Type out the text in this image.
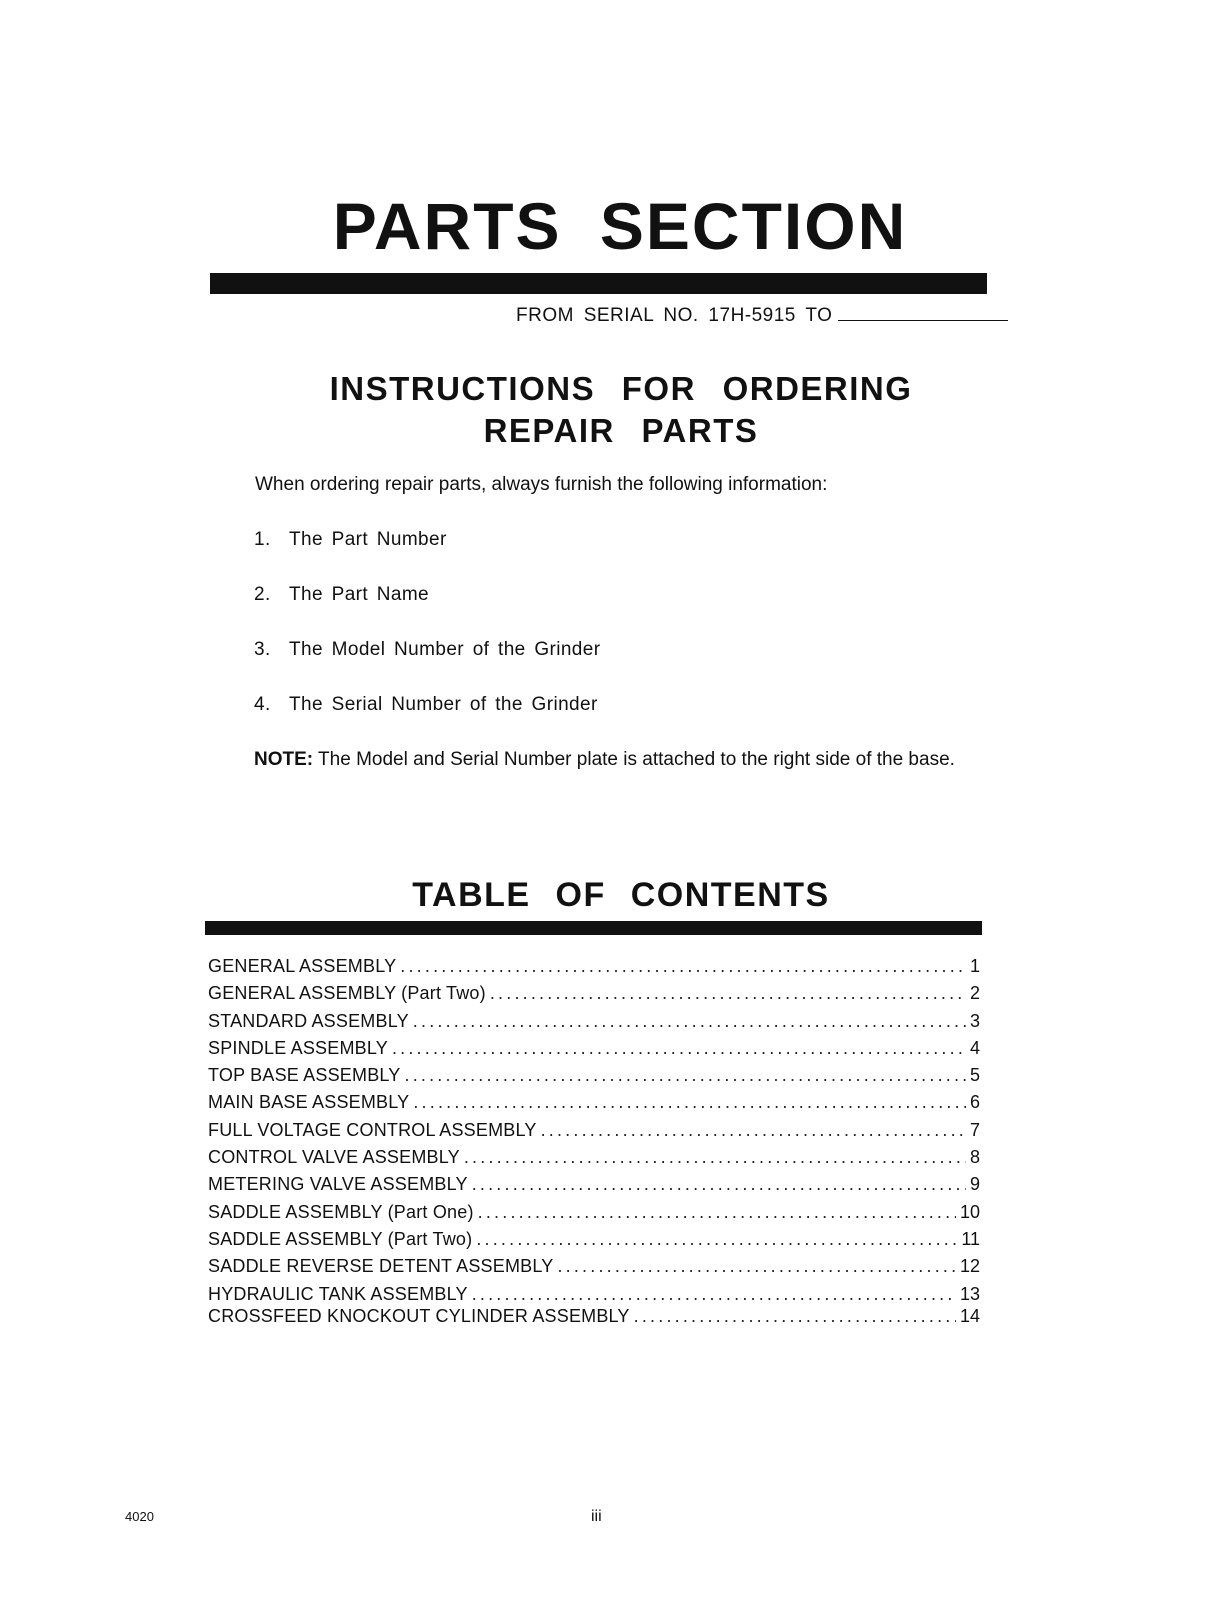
PARTS SECTION
FROM SERIAL NO. 17H-5915 TO
INSTRUCTIONS FOR ORDERING
REPAIR PARTS
When ordering repair parts, always furnish the following information:
1. The Part Number
2. The Part Name
3. The Model Number of the Grinder
4. The Serial Number of the Grinder
NOTE: The Model and Serial Number plate is attached to the right side of the base.
TABLE OF CONTENTS
GENERAL ASSEMBLY .....	1
GENERAL ASSEMBLY (Part Two) .....	2
STANDARD ASSEMBLY .....	3
SPINDLE ASSEMBLY .....	4
TOP BASE ASSEMBLY .....	5
MAIN BASE ASSEMBLY .....	6
FULL VOLTAGE CONTROL ASSEMBLY .....	7
CONTROL VALVE ASSEMBLY .....	8
METERING VALVE ASSEMBLY .....	9
SADDLE ASSEMBLY (Part One) .....	10
SADDLE ASSEMBLY (Part Two) .....	11
SADDLE REVERSE DETENT ASSEMBLY .....	12
HYDRAULIC TANK ASSEMBLY .....	13
CROSSFEED KNOCKOUT CYLINDER ASSEMBLY .....	14
4020	iii
